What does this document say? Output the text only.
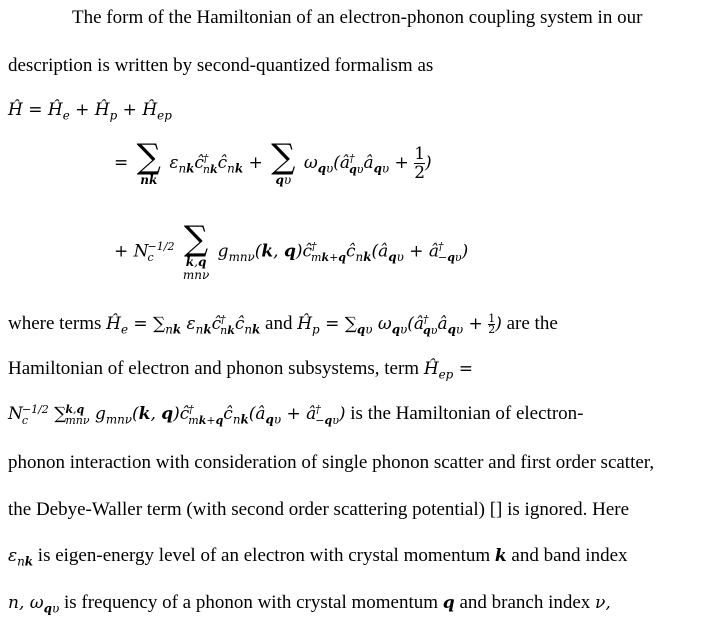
The form of the Hamiltonian of an electron-phonon coupling system in our
description is written by second-quantized formalism as
Ĥ = $Ĥ_e$ + $Ĥ_p$ + $Ĥ_{ep}$
= ∑
nk
$\varepsilon_{nk}ĉ$ †
nk $ĉ_{nk}$ + ∑
qυ
$\omega_{q\upsilon}(â$ †
qυ $â_{q\upsilon} + \frac{1}{2}$ )
+ N −1/2
c
∑
k,q
mnν
$g_{mn\nu}(k$, q)ĉ †
mk+q $ĉ_{nk}(â_{q\upsilon}$ + â †
−qυ )
where terms $Ĥ_e = \sum_{nk}$ $\varepsilon_{nk}ĉ$ †
nk $ĉ_{nk}$ and $Ĥ_p = \sum_{q\upsilon}$ $\omega_{q\upsilon}(â$ †
qυ $â_{q\upsilon} + \frac{1}{2}$ ) are the
Hamiltonian of electron and phonon subsystems, term $Ĥ_{ep}$ =
N −1/2
c	∑ k,q
mnν $g_{mn\nu}(k$, q)ĉ †
mk+q $ĉ_{nk}(â_{q\upsilon}$ + â †
−qυ ) is the Hamiltonian of electron-
phonon interaction with consideration of single phonon scatter and first order scatter,
the Debye-Waller term (with second order scattering potential) [] is ignored. Here
$\varepsilon_{nk}$ is eigen-energy level of an electron with crystal momentum k and band index
n, $\omega_{q\upsilon}$ is frequency of a phonon with crystal momentum q and branch index ν,
